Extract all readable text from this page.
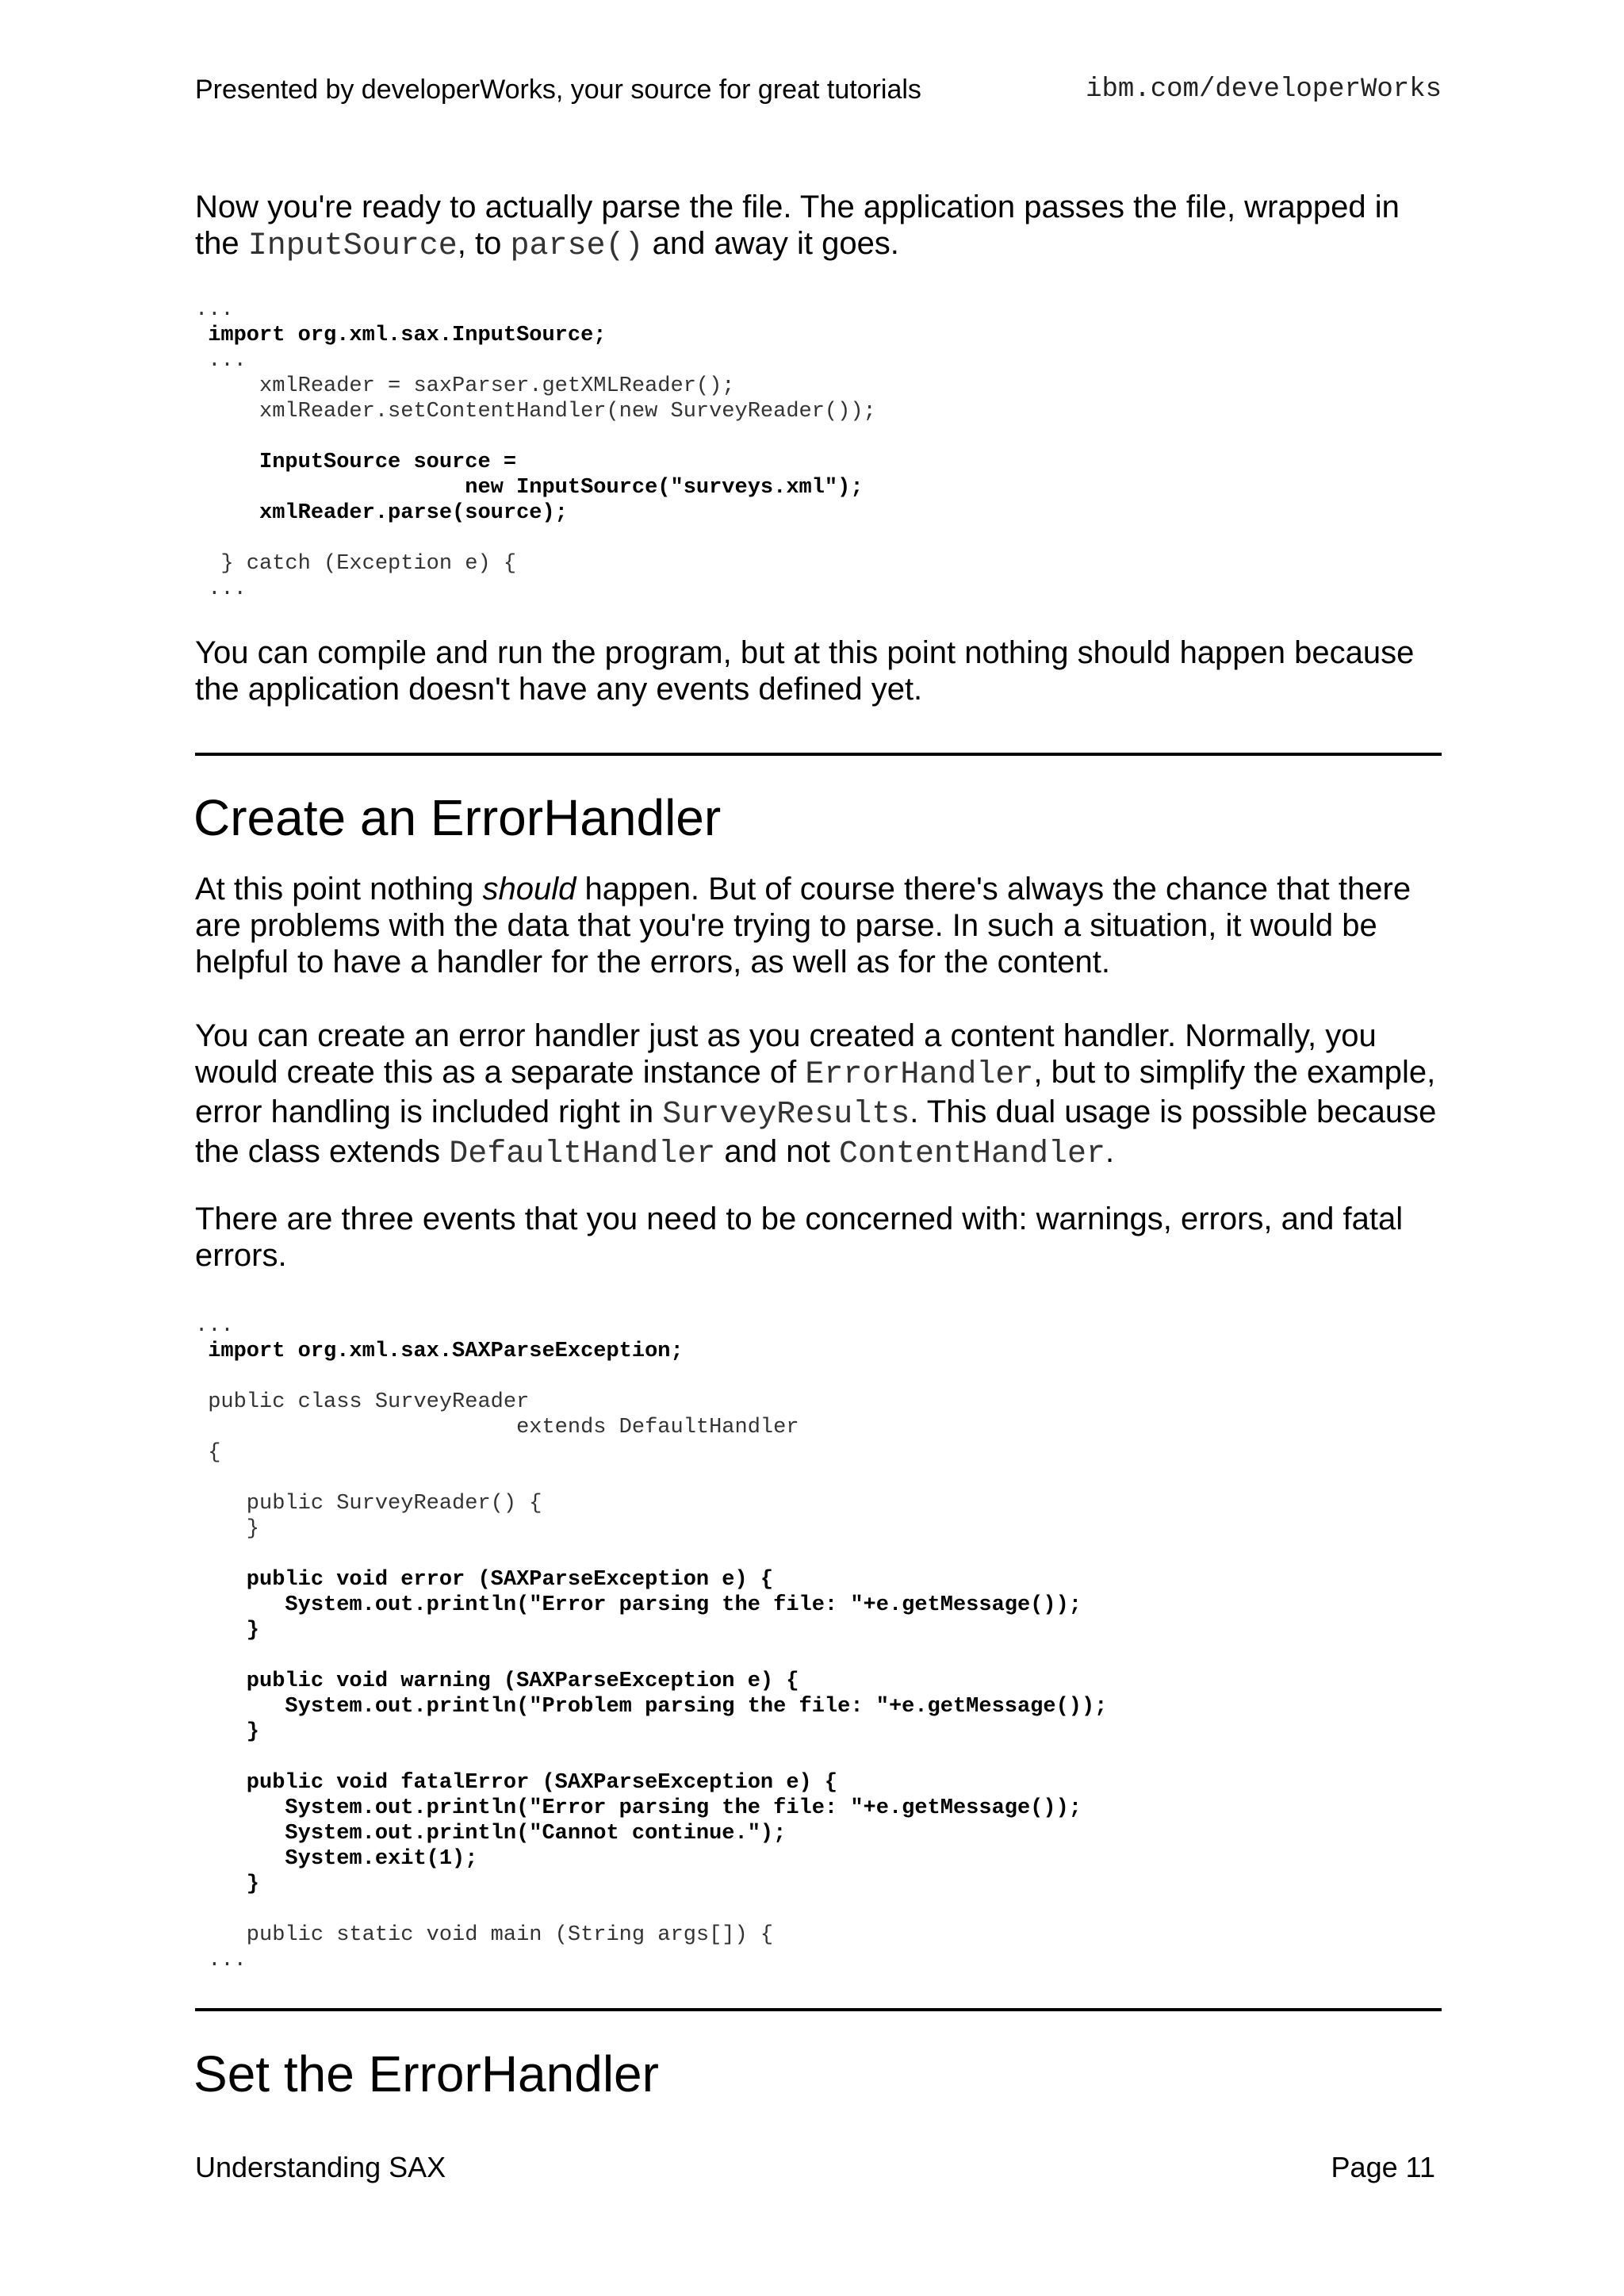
Presented by developerWorks, your source for great tutorials	ibm.com/developerWorks

Now you're ready to actually parse the file. The application passes the file, wrapped in the InputSource, to parse() and away it goes.

...
import org.xml.sax.InputSource;
...
xmlReader = saxParser.getXMLReader();
xmlReader.setContentHandler(new SurveyReader());
InputSource source =
new InputSource("surveys.xml");
xmlReader.parse(source);
} catch (Exception e) {
...

You can compile and run the program, but at this point nothing should happen because the application doesn't have any events defined yet.

Create an ErrorHandler

At this point nothing should happen. But of course there's always the chance that there are problems with the data that you're trying to parse. In such a situation, it would be helpful to have a handler for the errors, as well as for the content.

You can create an error handler just as you created a content handler. Normally, you would create this as a separate instance of ErrorHandler, but to simplify the example, error handling is included right in SurveyResults. This dual usage is possible because the class extends DefaultHandler and not ContentHandler.

There are three events that you need to be concerned with: warnings, errors, and fatal errors.

...
import org.xml.sax.SAXParseException;
public class SurveyReader
extends DefaultHandler
{
public SurveyReader() {
}
public void error (SAXParseException e) {
System.out.println("Error parsing the file: "+e.getMessage());
}
public void warning (SAXParseException e) {
System.out.println("Problem parsing the file: "+e.getMessage());
}
public void fatalError (SAXParseException e) {
System.out.println("Error parsing the file: "+e.getMessage());
System.out.println("Cannot continue.");
System.exit(1);
}
public static void main (String args[]) {
...
Set the ErrorHandler
Understanding SAX	Page 11
